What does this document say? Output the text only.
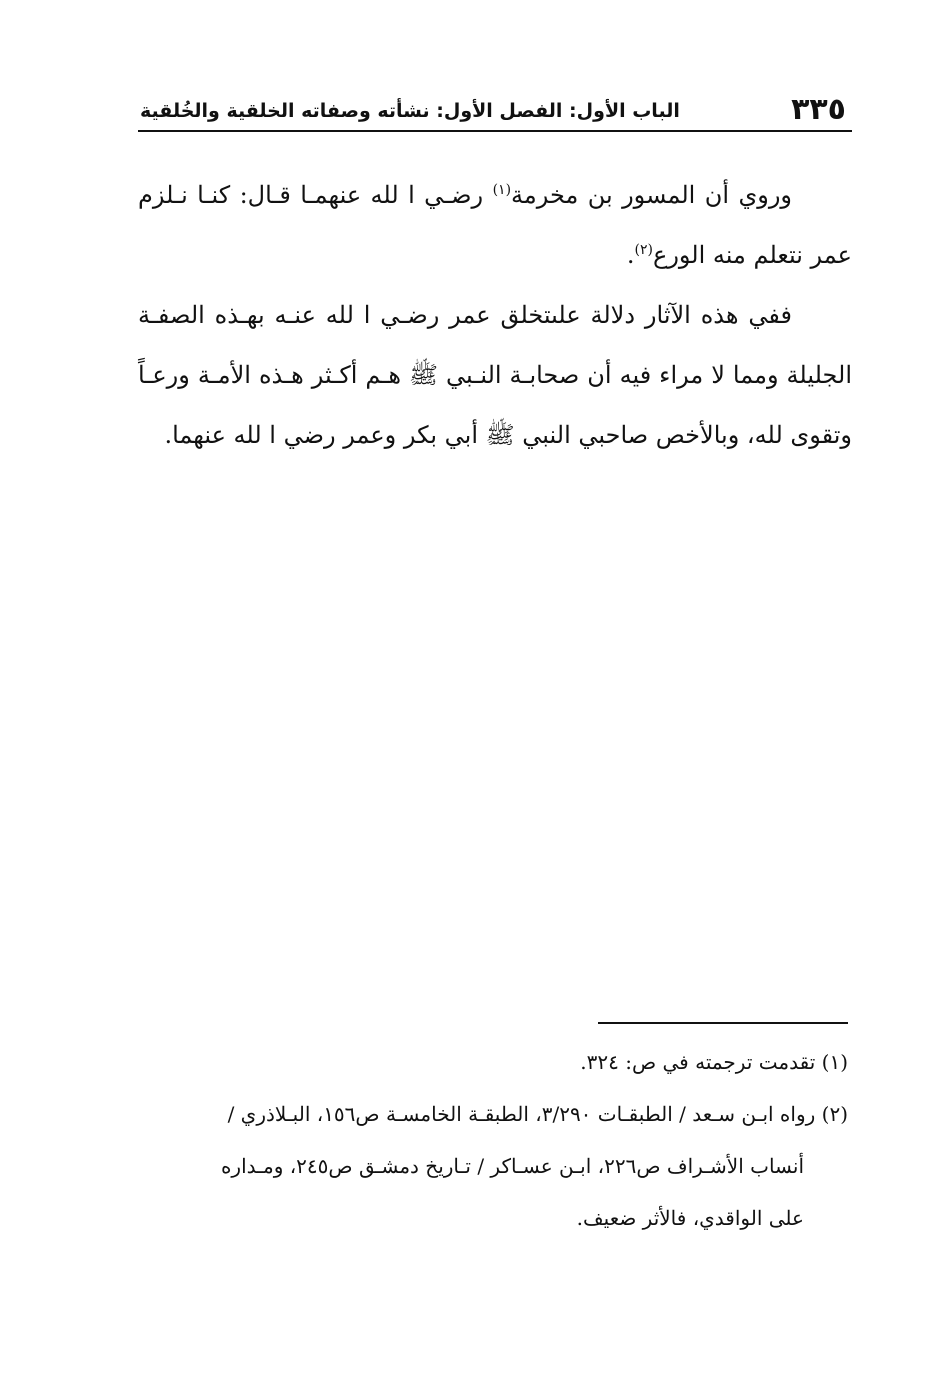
٣٣٥
الباب الأول: الفصل الأول: نشأته وصفاته الخلقية والخُلقية

وروي أن المسور بن مخرمة$^{(١)}$ رضـي ا لله عنهمـا قـال: كنـا نـلزم عمر نتعلم منه الورع$^{(٢)}$.

ففي هذه الآثار دلالة علىتخلق عمر رضـي ا لله عنـه بهـذه الصفـة الجليلة ومما لا مراء فيه أن صحابـة النـبي ﷺ هـم أكـثر هـذه الأمـة ورعـاً وتقوى لله، وبالأخص صاحبي النبي ﷺ أبي بكر وعمر رضي ا لله عنهما.

(١) تقدمت ترجمته في ص: ٣٢٤.

(٢) رواه ابـن سـعد / الطبقـات ٣/٢٩٠، الطبقـة الخامسـة ص١٥٦، البـلاذري /

أنساب الأشـراف ص٢٢٦، ابـن عسـاكر / تـاريخ دمشـق ص٢٤٥، ومـداره

على الواقدي، فالأثر ضعيف.
